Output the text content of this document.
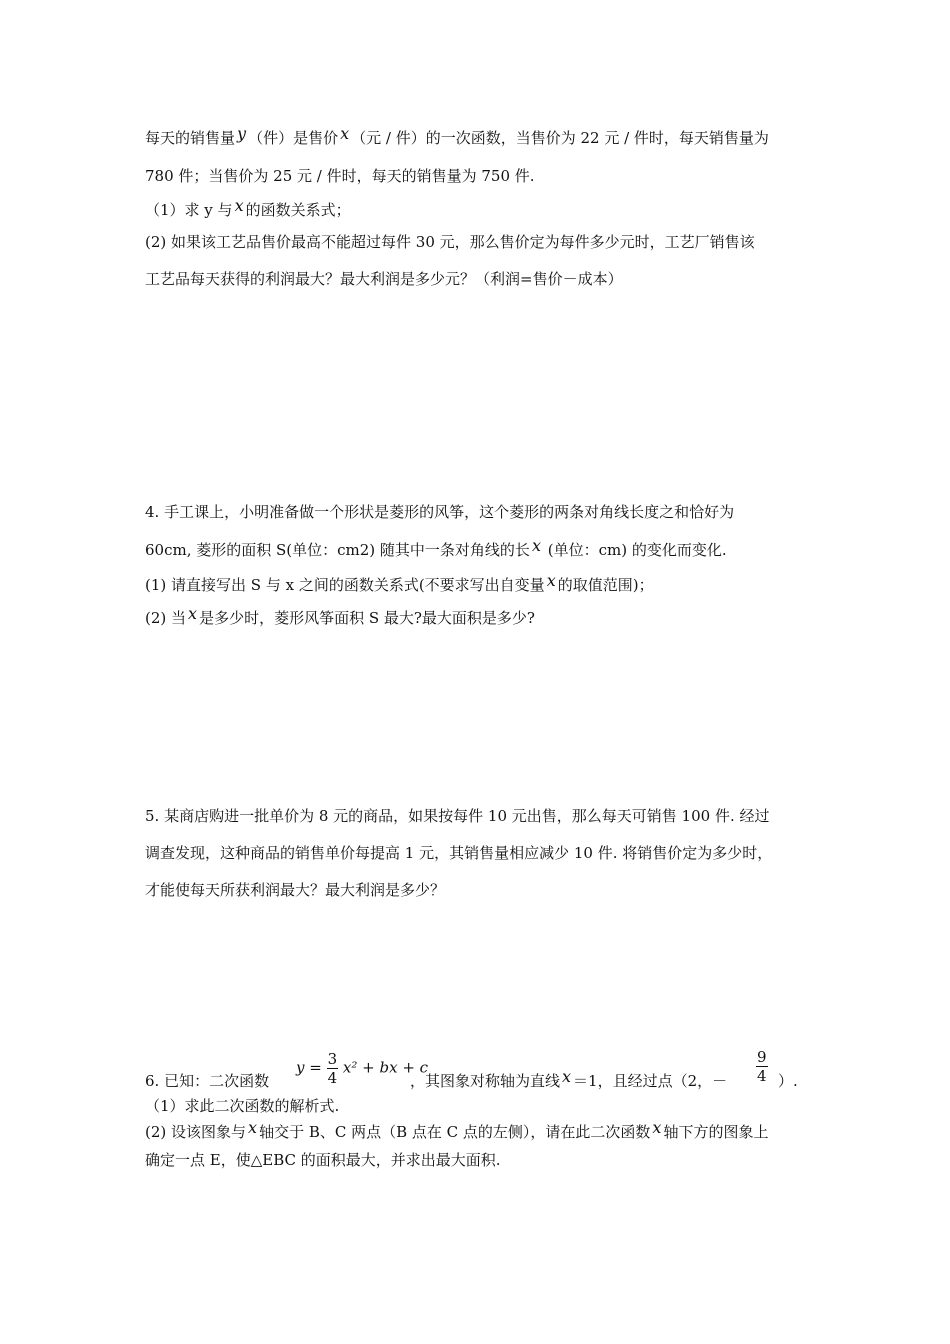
每天的销售量 y （件）是售价 x （元 / 件）的一次函数，当售价为 22 元 / 件时，每天销售量为
780 件；当售价为 25 元 / 件时，每天的销售量为 750 件.
（1）求 y 与 x 的函数关系式；
(2) 如果该工艺品售价最高不能超过每件 30 元，那么售价定为每件多少元时，工艺厂销售该
工艺品每天获得的利润最大？最大利润是多少元？（利润=售价－成本）
4. 手工课上，小明准备做一个形状是菱形的风筝，这个菱形的两条对角线长度之和恰好为
60cm, 菱形的面积 S(单位：cm2) 随其中一条对角线的长 x (单位：cm) 的变化而变化.
(1) 请直接写出 S 与 x 之间的函数关系式(不要求写出自变量 x 的取值范围)；
(2) 当 x 是多少时，菱形风筝面积 S 最大?最大面积是多少?
5. 某商店购进一批单价为 8 元的商品，如果按每件 10 元出售，那么每天可销售 100 件. 经过
调查发现，这种商品的销售单价每提高 1 元，其销售量相应减少 10 件. 将销售价定为多少时，
才能使每天所获利润最大？最大利润是多少？
6. 已知：二次函数
$y = \frac{3}{4} x^2$ + bx + c
，其图象对称轴为直线 x ＝1，且经过点（2，－ $\frac{9}{4}$ ）.
（1）求此二次函数的解析式.
(2) 设该图象与 x 轴交于 B、C 两点（B 点在 C 点的左侧），请在此二次函数 x 轴下方的图象上
确定一点 E，使△EBC 的面积最大，并求出最大面积.
